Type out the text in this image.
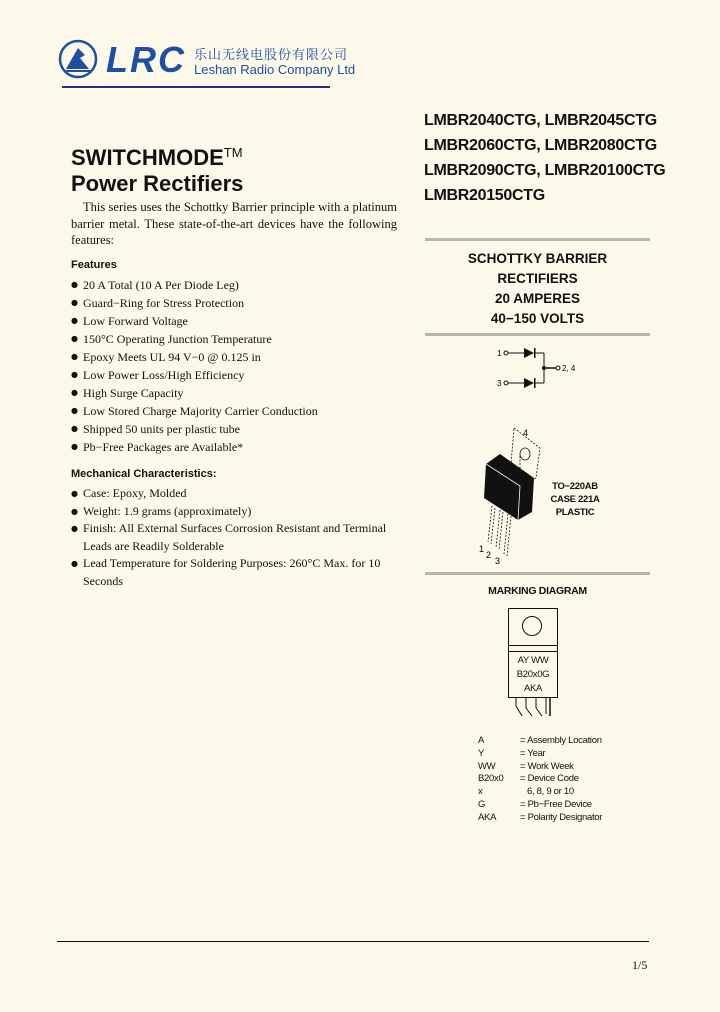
LRC 乐山无线电股份有限公司
Leshan Radio Company Ltd
LMBR2040CTG, LMBR2045CTG
LMBR2060CTG, LMBR2080CTG
LMBR2090CTG, LMBR20100CTG
LMBR20150CTG
SWITCHMODE™
Power Rectifiers
This series uses the Schottky Barrier principle with a platinum barrier metal. These state-of-the-art devices have the following features:
Features
● 20 A Total (10 A Per Diode Leg)
● Guard−Ring for Stress Protection
● Low Forward Voltage
● 150°C Operating Junction Temperature
● Epoxy Meets UL 94 V−0 @ 0.125 in
● Low Power Loss/High Efficiency
● High Surge Capacity
● Low Stored Charge Majority Carrier Conduction
● Shipped 50 units per plastic tube
● Pb−Free Packages are Available*
Mechanical Characteristics:
● Case: Epoxy, Molded
● Weight: 1.9 grams (approximately)
● Finish: All External Surfaces Corrosion Resistant and Terminal Leads are Readily Solderable
● Lead Temperature for Soldering Purposes: 260°C Max. for 10 Seconds
SCHOTTKY BARRIER
RECTIFIERS
20 AMPERES
40−150 VOLTS
1
3
2, 4
4
1
2
3
TO−220AB
CASE 221A
PLASTIC
MARKING DIAGRAM
AY WW
B20x0G
AKA
A	= Assembly Location
Y	= Year
WW	= Work Week
B20x0	= Device Code
x	6, 8, 9 or 10
G	= Pb−Free Device
AKA	= Polarity Designator
1/5
